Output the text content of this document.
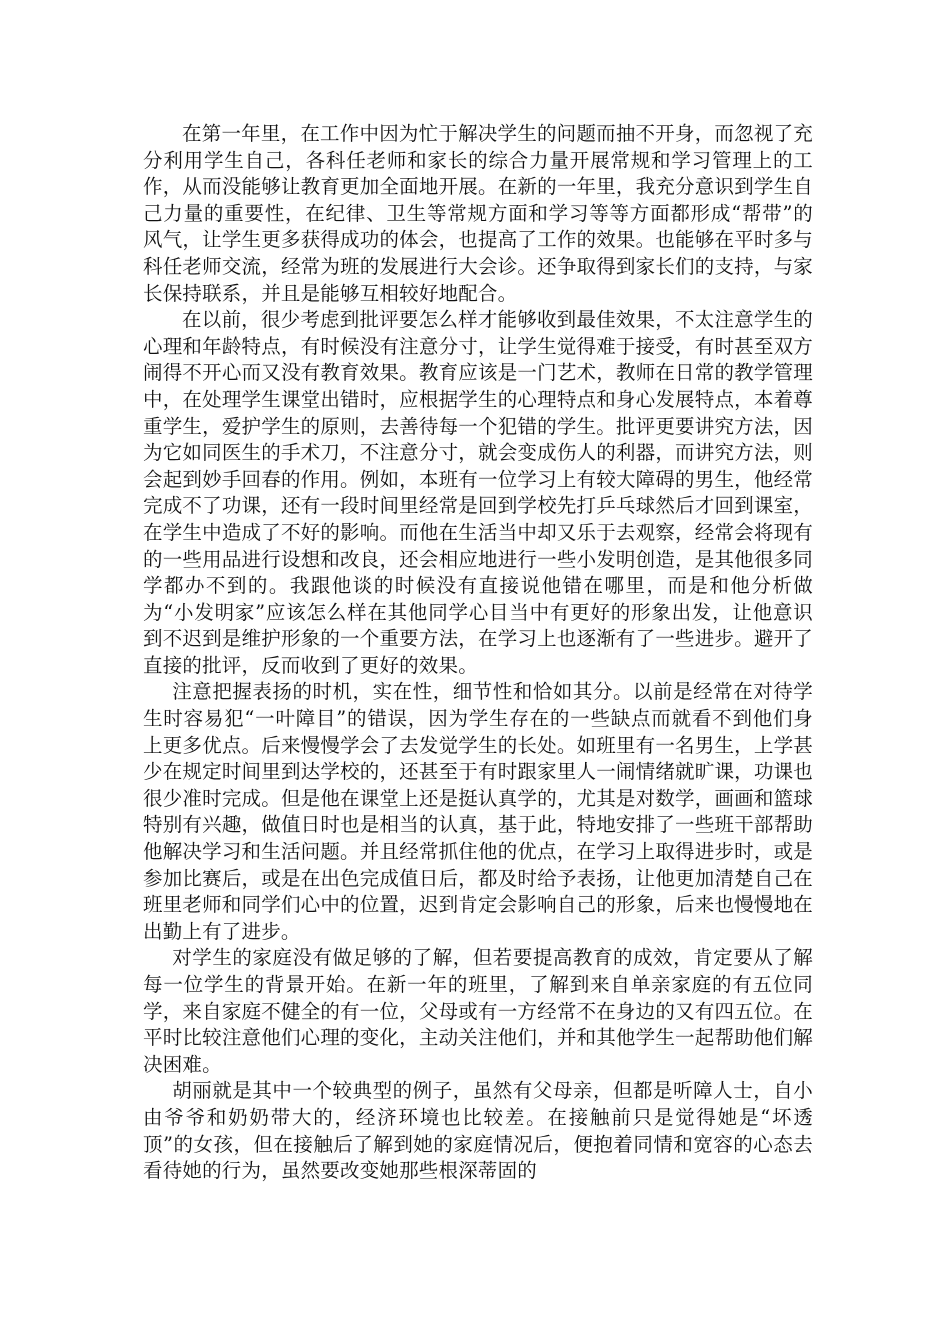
在第一年里，在工作中因为忙于解决学生的问题而抽不开身，而忽视了充分利用学生自己，各科任老师和家长的综合力量开展常规和学习管理上的工作，从而没能够让教育更加全面地开展。在新的一年里，我充分意识到学生自己力量的重要性，在纪律、卫生等常规方面和学习等等方面都形成“帮带”的风气，让学生更多获得成功的体会，也提高了工作的效果。也能够在平时多与科任老师交流，经常为班的发展进行大会诊。还争取得到家长们的支持，与家长保持联系，并且是能够互相较好地配合。

在以前，很少考虑到批评要怎么样才能够收到最佳效果，不太注意学生的心理和年龄特点，有时候没有注意分寸，让学生觉得难于接受，有时甚至双方闹得不开心而又没有教育效果。教育应该是一门艺术，教师在日常的教学管理中，在处理学生课堂出错时，应根据学生的心理特点和身心发展特点，本着尊重学生，爱护学生的原则，去善待每一个犯错的学生。批评更要讲究方法，因为它如同医生的手术刀，不注意分寸，就会变成伤人的利器，而讲究方法，则会起到妙手回春的作用。例如，本班有一位学习上有较大障碍的男生，他经常完成不了功课，还有一段时间里经常是回到学校先打乒乓球然后才回到课室，在学生中造成了不好的影响。而他在生活当中却又乐于去观察，经常会将现有的一些用品进行设想和改良，还会相应地进行一些小发明创造，是其他很多同学都办不到的。我跟他谈的时候没有直接说他错在哪里，而是和他分析做为“小发明家”应该怎么样在其他同学心目当中有更好的形象出发，让他意识到不迟到是维护形象的一个重要方法，在学习上也逐渐有了一些进步。避开了直接的批评，反而收到了更好的效果。

注意把握表扬的时机，实在性，细节性和恰如其分。以前是经常在对待学生时容易犯“一叶障目”的错误，因为学生存在的一些缺点而就看不到他们身上更多优点。后来慢慢学会了去发觉学生的长处。如班里有一名男生，上学甚少在规定时间里到达学校的，还甚至于有时跟家里人一闹情绪就旷课，功课也很少准时完成。但是他在课堂上还是挺认真学的，尤其是对数学，画画和篮球特别有兴趣，做值日时也是相当的认真，基于此，特地安排了一些班干部帮助他解决学习和生活问题。并且经常抓住他的优点，在学习上取得进步时，或是参加比赛后，或是在出色完成值日后，都及时给予表扬，让他更加清楚自己在班里老师和同学们心中的位置，迟到肯定会影响自己的形象，后来也慢慢地在出勤上有了进步。

对学生的家庭没有做足够的了解，但若要提高教育的成效，肯定要从了解每一位学生的背景开始。在新一年的班里，了解到来自单亲家庭的有五位同学，来自家庭不健全的有一位，父母或有一方经常不在身边的又有四五位。在平时比较注意他们心理的变化，主动关注他们，并和其他学生一起帮助他们解决困难。

胡丽就是其中一个较典型的例子，虽然有父母亲，但都是听障人士，自小由爷爷和奶奶带大的，经济环境也比较差。在接触前只是觉得她是“坏透顶”的女孩，但在接触后了解到她的家庭情况后，便抱着同情和宽容的心态去看待她的行为，虽然要改变她那些根深蒂固的
